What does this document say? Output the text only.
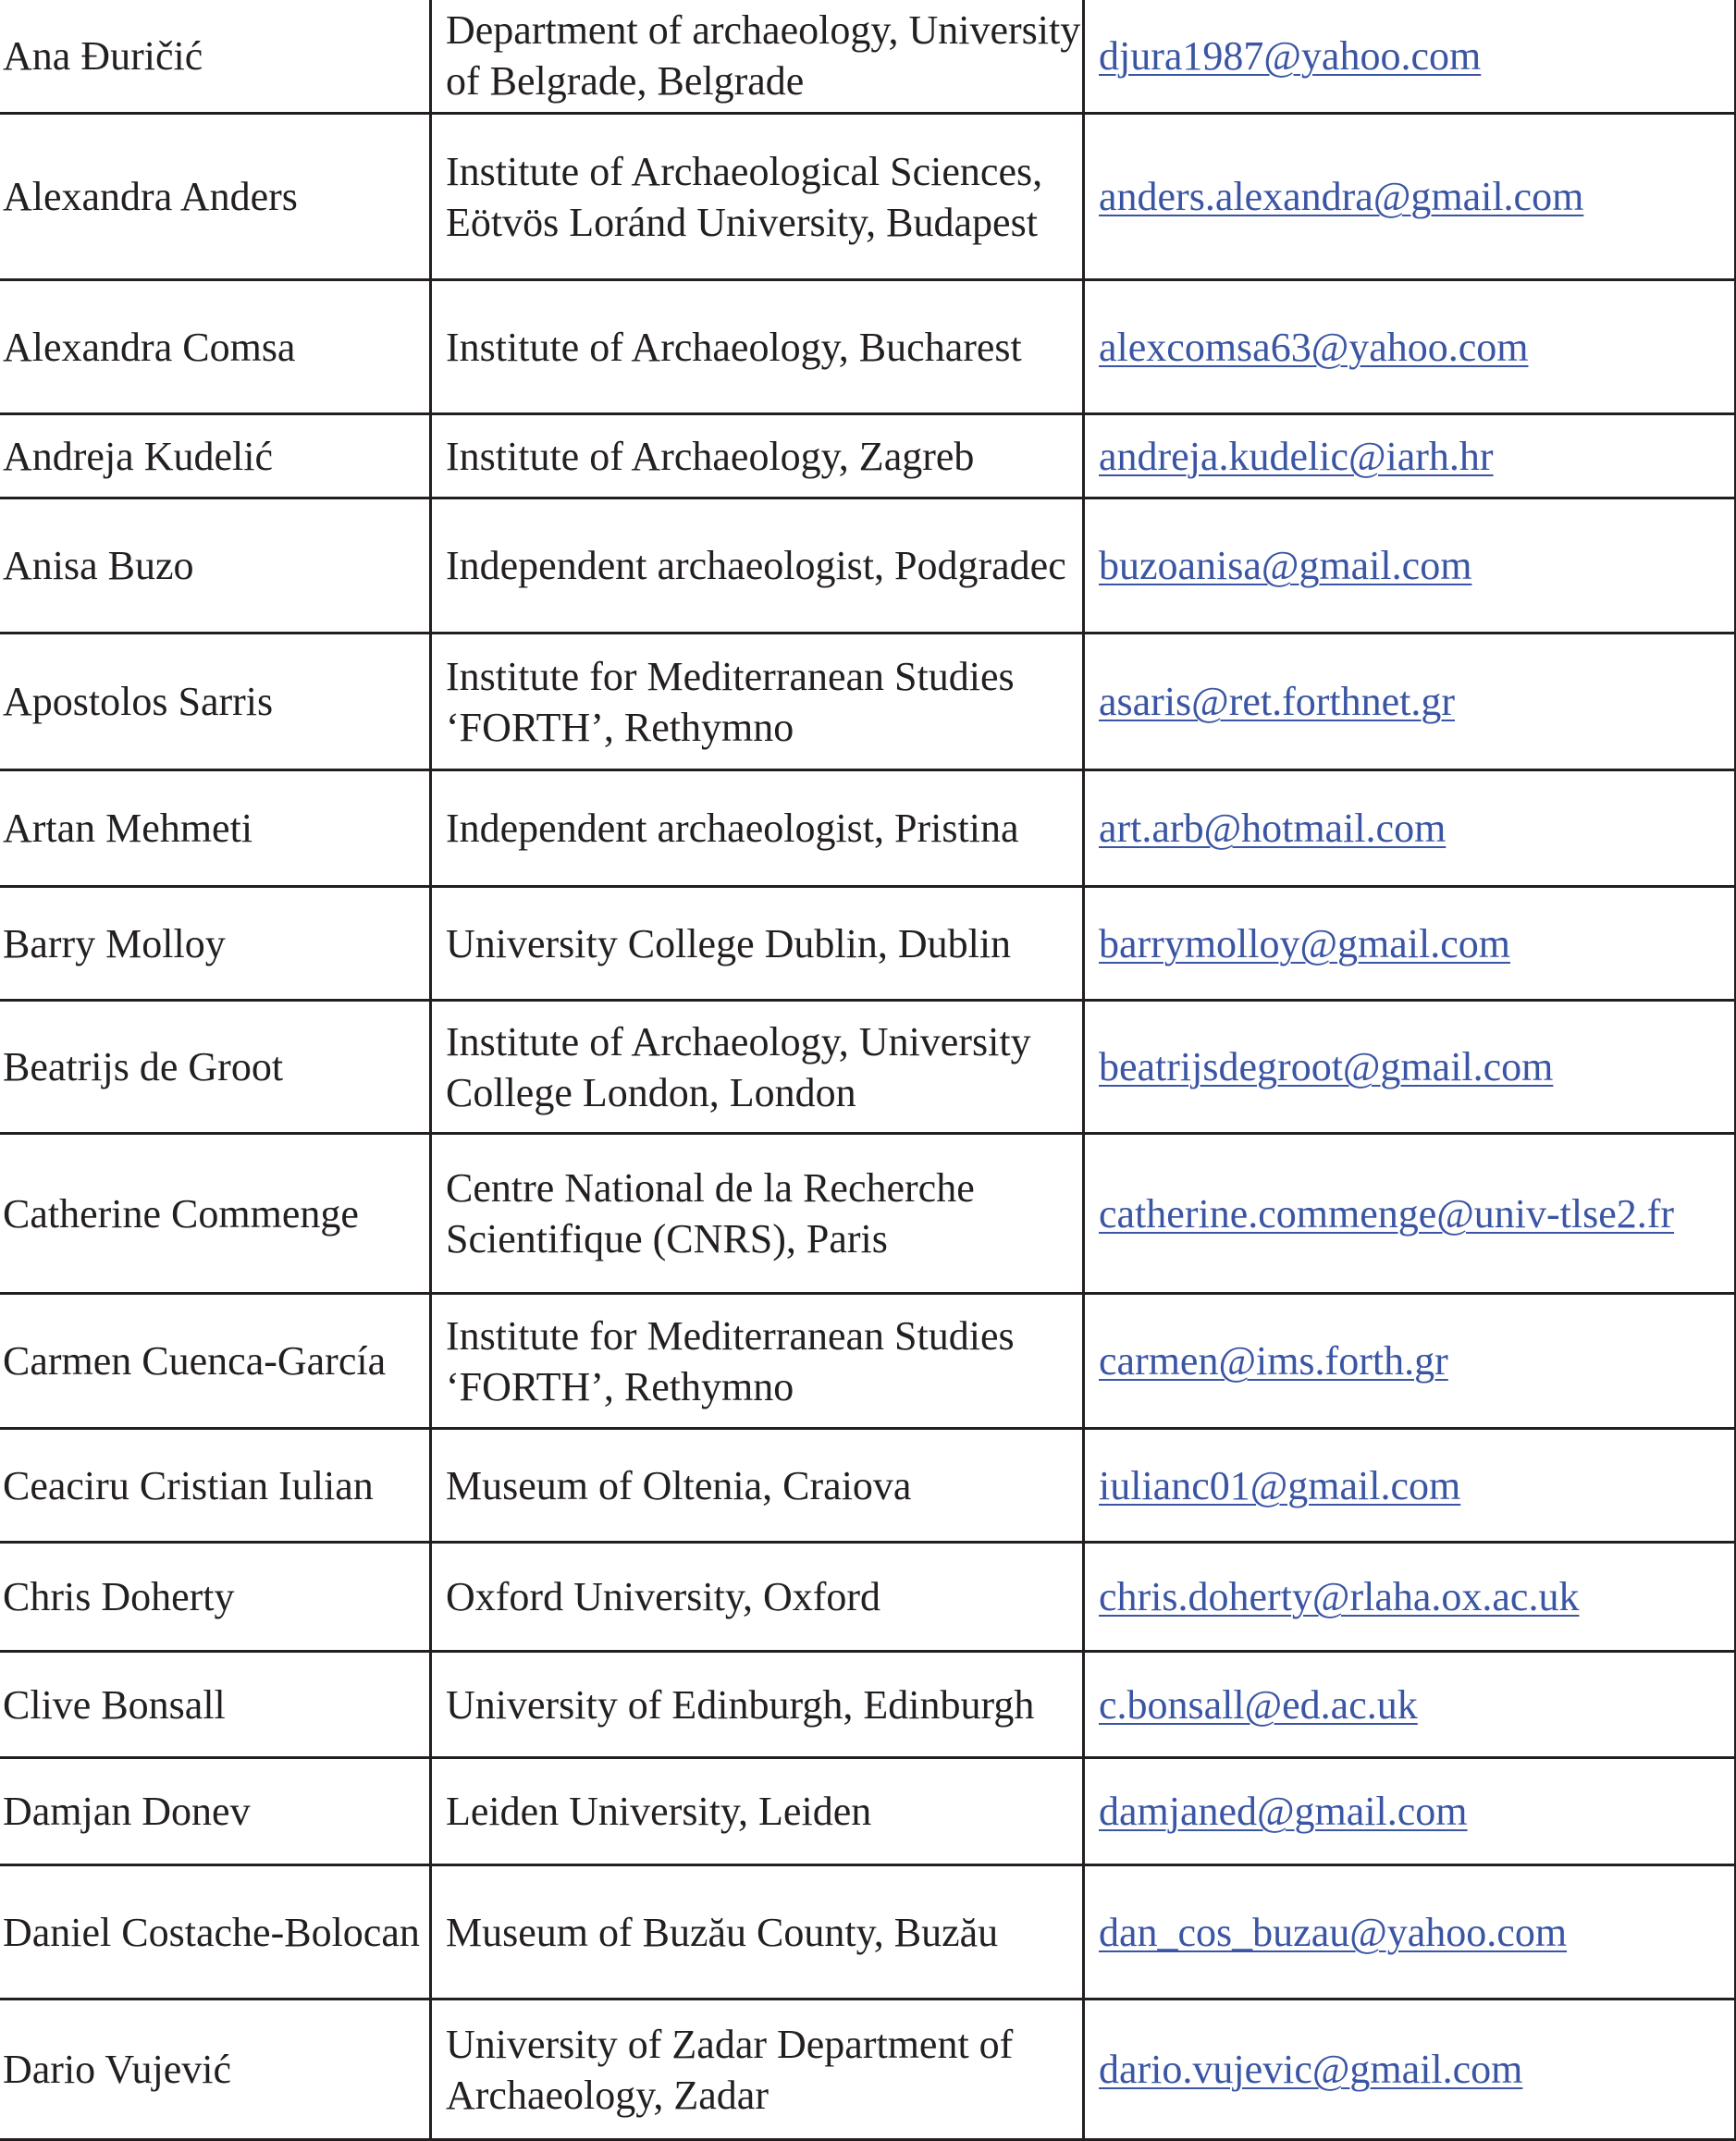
Ana Đuričić	Department of archaeology, University of Belgrade, Belgrade	djura1987@yahoo.com
Alexandra Anders	Institute of Archaeological Sciences, Eötvös Loránd University, Budapest	anders.alexandra@gmail.com
Alexandra Comsa	Institute of Archaeology, Bucharest	alexcomsa63@yahoo.com
Andreja Kudelić	Institute of Archaeology, Zagreb	andreja.kudelic@iarh.hr
Anisa Buzo	Independent archaeologist, Podgradec	buzoanisa@gmail.com
Apostolos Sarris	Institute for Mediterranean Studies ‘FORTH’, Rethymno	asaris@ret.forthnet.gr
Artan Mehmeti	Independent archaeologist, Pristina	art.arb@hotmail.com
Barry Molloy	University College Dublin, Dublin	barrymolloy@gmail.com
Beatrijs de Groot	Institute of Archaeology, University College London, London	beatrijsdegroot@gmail.com
Catherine Commenge	Centre National de la Recherche Scientifique (CNRS), Paris	catherine.commenge@univ-tlse2.fr
Carmen Cuenca-García	Institute for Mediterranean Studies ‘FORTH’, Rethymno	carmen@ims.forth.gr
Ceaciru Cristian Iulian	Museum of Oltenia, Craiova	iulianc01@gmail.com
Chris Doherty	Oxford University, Oxford	chris.doherty@rlaha.ox.ac.uk
Clive Bonsall	University of Edinburgh, Edinburgh	c.bonsall@ed.ac.uk
Damjan Donev	Leiden University, Leiden	damjaned@gmail.com
Daniel Costache-Bolocan	Museum of Buzău County, Buzău	dan_cos_buzau@yahoo.com
Dario Vujević	University of Zadar Department of Archaeology, Zadar	dario.vujevic@gmail.com
